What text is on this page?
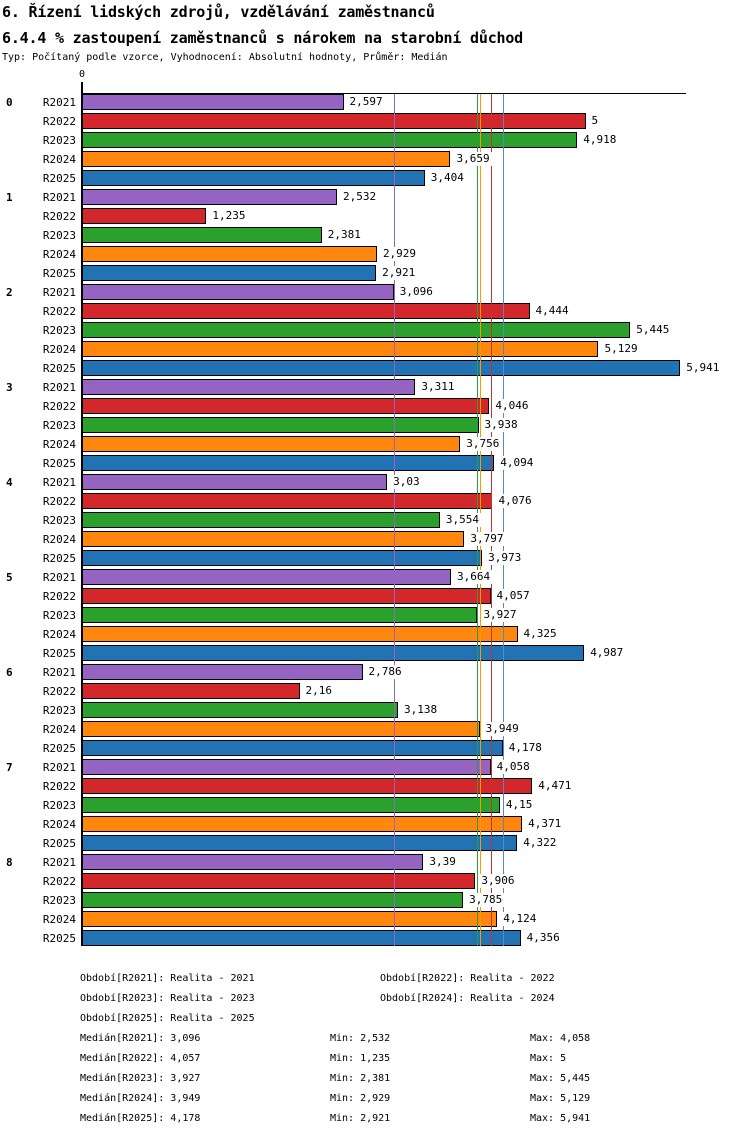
6. Řízení lidských zdrojů, vzdělávání zaměstnanců
6.4.4 % zastoupení zaměstnanců s nárokem na starobní důchod
Typ: Počítaný podle vzorce, Vyhodnocení: Absolutní hodnoty, Průměr: Medián
0
0	R2021	2,597
R2022	5
R2023	4,918
R2024	3,659
R2025	3,404
1	R2021	2,532
R2022	1,235
R2023	2,381
R2024	2,929
R2025	2,921
2	R2021	3,096
R2022	4,444
R2023	5,445
R2024	5,129
R2025	5,941
3	R2021	3,311
R2022	4,046
R2023	3,938
R2024	3,756
R2025	4,094
4	R2021	3,03
R2022	4,076
R2023	3,554
R2024	3,797
R2025	3,973
5	R2021	3,664
R2022	4,057
R2023	3,927
R2024	4,325
R2025	4,987
6	R2021	2,786
R2022	2,16
R2023	3,138
R2024	3,949
R2025	4,178
7	R2021	4,058
R2022	4,471
R2023	4,15
R2024	4,371
R2025	4,322
8	R2021	3,39
R2022	3,906
R2023	3,785
R2024	4,124
R2025	4,356
Období[R2021]: Realita - 2021	Období[R2022]: Realita - 2022
Období[R2023]: Realita - 2023	Období[R2024]: Realita - 2024
Období[R2025]: Realita - 2025
Medián[R2021]: 3,096	Min: 2,532	Max: 4,058
Medián[R2022]: 4,057	Min: 1,235	Max: 5
Medián[R2023]: 3,927	Min: 2,381	Max: 5,445
Medián[R2024]: 3,949	Min: 2,929	Max: 5,129
Medián[R2025]: 4,178	Min: 2,921	Max: 5,941
